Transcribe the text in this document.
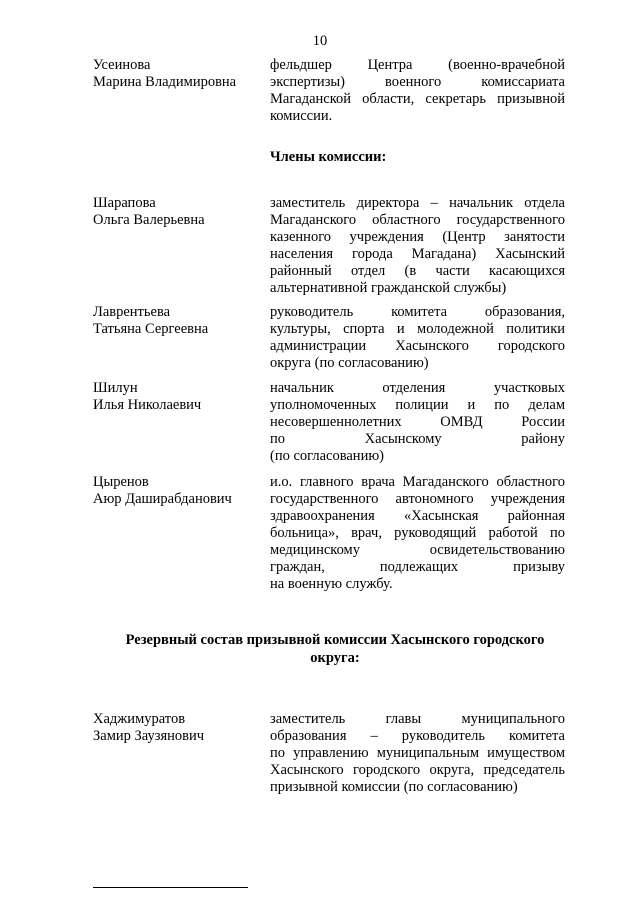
10
Усеинова
Марина Владимировна
фельдшер Центра (военно-врачебной
экспертизы) военного комиссариата
Магаданской области, секретарь призывной
комиссии.
Члены комиссии:
Шарапова
Ольга Валерьевна
заместитель директора – начальник отдела
Магаданского областного государственного
казенного учреждения (Центр занятости
населения города Магадана) Хасынский
районный отдел (в части касающихся
альтернативной гражданской службы)
Лаврентьева
Татьяна Сергеевна
руководитель комитета образования,
культуры, спорта и молодежной политики
администрации Хасынского городского
округа (по согласованию)
Шилун
Илья Николаевич
начальник отделения участковых
уполномоченных полиции и по делам
несовершеннолетних ОМВД России
по Хасынскому району
(по согласованию)
Цыренов
Аюр Даширабданович
и.о. главного врача Магаданского областного
государственного автономного учреждения
здравоохранения «Хасынская районная
больница», врач, руководящий работой по
медицинскому освидетельствованию
граждан, подлежащих призыву
на военную службу.
Резервный состав призывной комиссии Хасынского городского
округа:
Хаджимуратов
Замир Заузянович
заместитель главы муниципального
образования – руководитель комитета
по управлению муниципальным имуществом
Хасынского городского округа, председатель
призывной комиссии (по согласованию)
